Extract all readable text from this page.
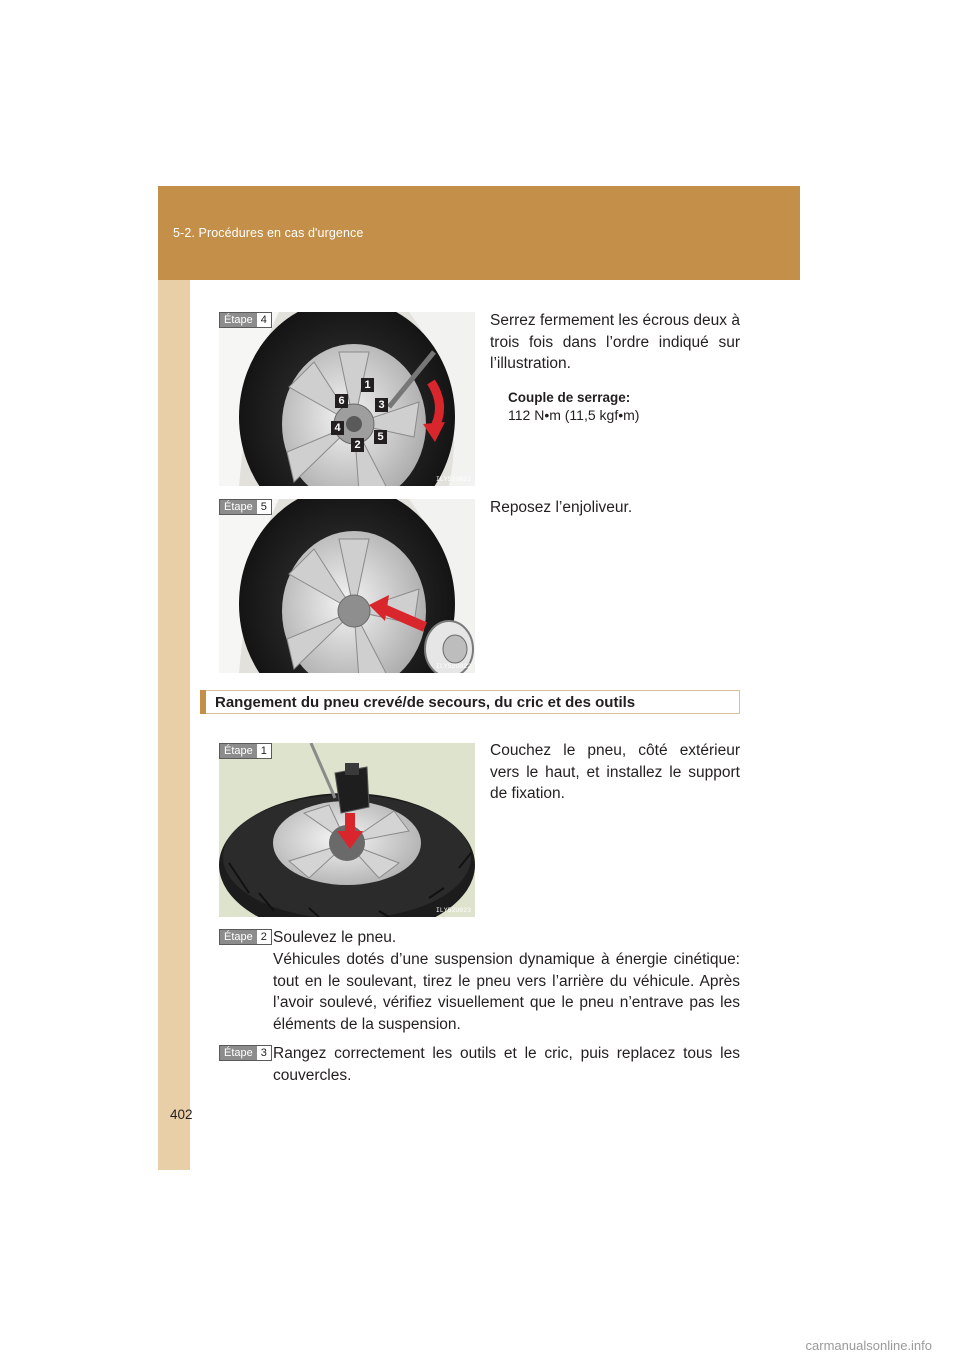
5-2. Procédures en cas d'urgence
ILY52U021
1
2
3
4
5
6
Étape 4	Serrez fermement les écrous deux à trois fois dans l’ordre indiqué sur l’illustration.
Couple de serrage:
112 N•m (11,5 kgf•m)
ILY52U022
Étape 5	Reposez l’enjoliveur.
Rangement du pneu crevé/de secours, du cric et des outils
ILY52U023
Étape 1	Couchez le pneu, côté extérieur vers le haut, et installez le support de fixation.
Étape 2 Soulevez le pneu.
Véhicules dotés d’une suspension dynamique à énergie cinétique: tout en le soulevant, tirez le pneu vers l’arrière du véhicule. Après l’avoir soulevé, vérifiez visuellement que le pneu n’entrave pas les éléments de la suspension.
Étape 3 Rangez correctement les outils et le cric, puis replacez tous les couvercles.
402
carmanualsonline.info
